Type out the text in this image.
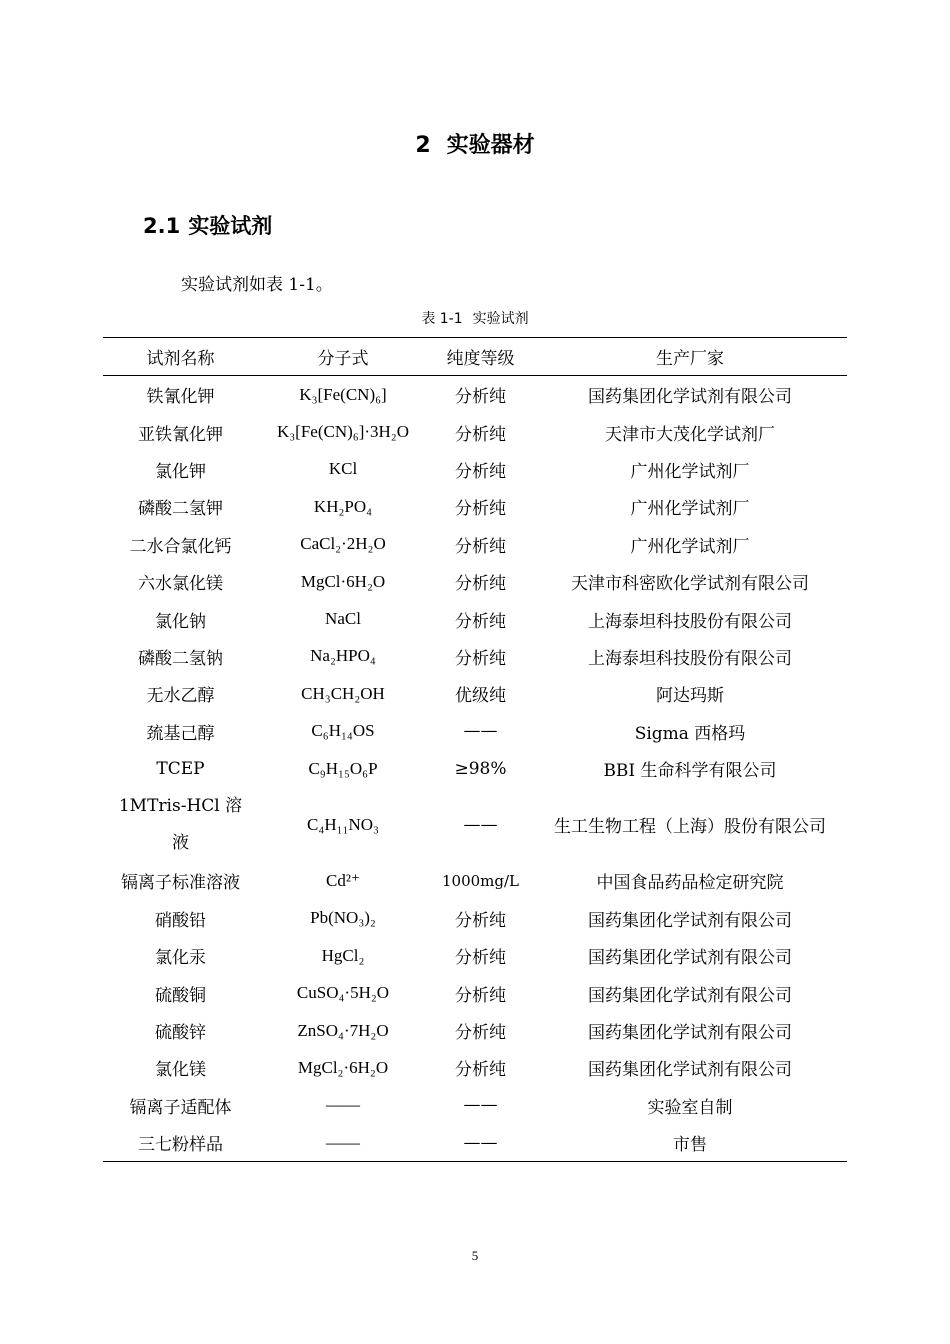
2 实验器材
2.1 实验试剂
实验试剂如表 1-1。
表 1-1 实验试剂
试剂名称	分子式	纯度等级	生产厂家
铁氰化钾	K₃[Fe(CN)₆]	分析纯	国药集团化学试剂有限公司
亚铁氰化钾	K₃[Fe(CN)₆]·3H₂O	分析纯	天津市大茂化学试剂厂
氯化钾	KCl	分析纯	广州化学试剂厂
磷酸二氢钾	KH₂PO₄	分析纯	广州化学试剂厂
二水合氯化钙	CaCl₂·2H₂O	分析纯	广州化学试剂厂
六水氯化镁	MgCl·6H₂O	分析纯	天津市科密欧化学试剂有限公司
氯化钠	NaCl	分析纯	上海泰坦科技股份有限公司
磷酸二氢钠	Na₂HPO₄	分析纯	上海泰坦科技股份有限公司
无水乙醇	CH₃CH₂OH	优级纯	阿达玛斯
巯基己醇	C₆H₁₄OS	——	Sigma 西格玛
TCEP	C₉H₁₅O₆P	≥98%	BBI 生命科学有限公司
1MTris-HCl 溶液	C₄H₁₁NO₃	——	生工生物工程（上海）股份有限公司
镉离子标准溶液	Cd²⁺	1000mg/L	中国食品药品检定研究院
硝酸铅	Pb(NO₃)₂	分析纯	国药集团化学试剂有限公司
氯化汞	HgCl₂	分析纯	国药集团化学试剂有限公司
硫酸铜	CuSO₄·5H₂O	分析纯	国药集团化学试剂有限公司
硫酸锌	ZnSO₄·7H₂O	分析纯	国药集团化学试剂有限公司
氯化镁	MgCl₂·6H₂O	分析纯	国药集团化学试剂有限公司
镉离子适配体	——	——	实验室自制
三七粉样品	——	——	市售
5
